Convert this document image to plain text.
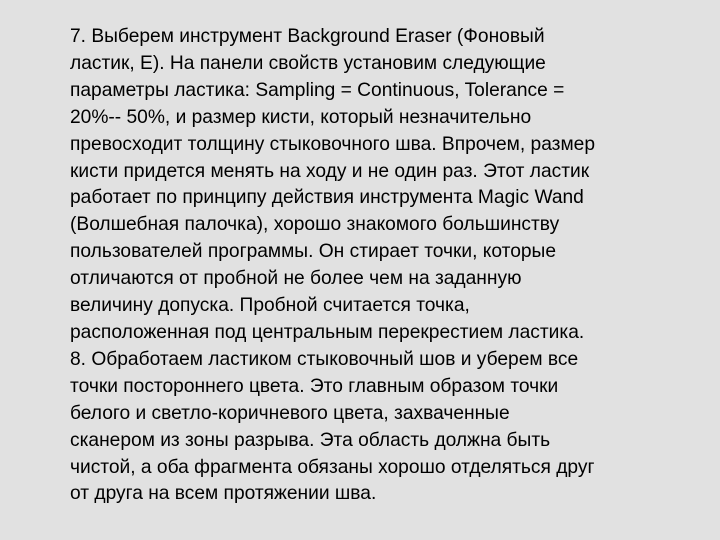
7. Выберем инструмент Background Eraser (Фоновый
ластик, E). На панели свойств установим следующие
параметры ластика: Sampling = Continuous, Tolerance =
20%-- 50%, и размер кисти, который незначительно
превосходит толщину стыковочного шва. Впрочем, размер
кисти придется менять на ходу и не один раз. Этот ластик
работает по принципу действия инструмента Magic Wand
(Волшебная палочка), хорошо знакомого большинству
пользователей программы. Он стирает точки, которые
отличаются от пробной не более чем на заданную
величину допуска. Пробной считается точка,
расположенная под центральным перекрестием ластика.
8. Обработаем ластиком стыковочный шов и уберем все
точки постороннего цвета. Это главным образом точки
белого и светло-коричневого цвета, захваченные
сканером из зоны разрыва. Эта область должна быть
чистой, а оба фрагмента обязаны хорошо отделяться друг
от друга на всем протяжении шва.
